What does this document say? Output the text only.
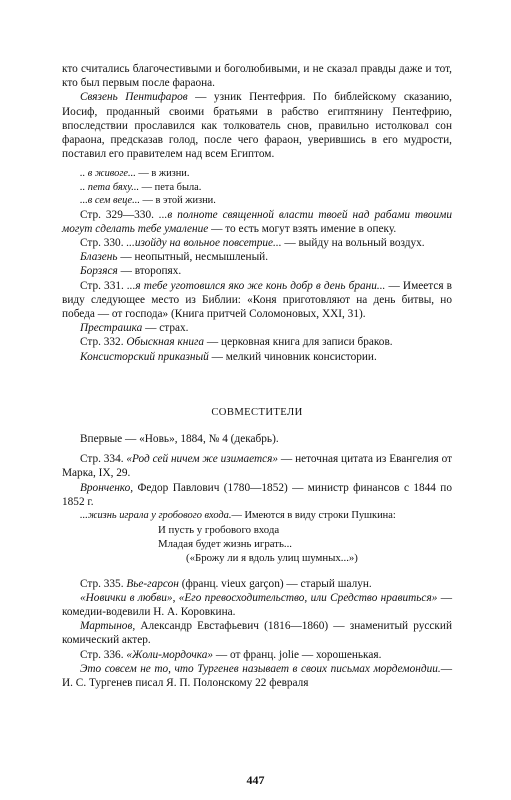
кто считались благочестивыми и боголюбивыми, и не сказал правды даже и тот, кто был первым после фараона.

Связень Пентифаров — узник Пентефрия. По библейскому сказанию, Иосиф, проданный своими братьями в рабство египтянину Пентефрию, впоследствии прославился как толкователь снов, правильно истолковал сон фараона, предсказав голод, после чего фараон, уверившись в его мудрости, поставил его правителем над всем Египтом.

.. в живоге... — в жизни.

.. пета бяху... — пета была.

...в сем веце... — в этой жизни.

Стр. 329—330. ...в полноте священной власти твоей над рабами твоими могут сделать тебе умаление — то есть могут взять имение в опеку.

Стр. 330. ...изойду на вольное повсетрие... — выйду на вольный воздух.

Блазень — неопытный, несмышленый.

Борзяся — второпях.

Стр. 331. ...я тебе уготовился яко же конь добр в день брани... — Имеется в виду следующее место из Библии: «Коня приготовляют на день битвы, но победа — от господа» (Книга притчей Соломоновых, XXI, 31).

Престрашка — страх.

Стр. 332. Обыскная книга — церковная книга для записи браков.

Консисторский приказный — мелкий чиновник консистории.

СОВМЕСТИТЕЛИ

Впервые — «Новь», 1884, № 4 (декабрь).

Стр. 334. «Род сей ничем же изимается» — неточная цитата из Евангелия от Марка, IX, 29.

Вронченко, Федор Павлович (1780—1852) — министр финансов с 1844 по 1852 г.

...жизнь играла у гробового входа.— Имеются в виду строки Пушкина:

И пусть у гробового входа
Младая будет жизнь играть...
(«Брожу ли я вдоль улиц шумных...»)

Стр. 335. Вье-гарсон (франц. vieux garçon) — старый шалун.

«Новички в любви», «Его превосходительство, или Средство нравиться» — комедии-водевили Н. А. Коровкина.

Мартынов, Александр Евстафьевич (1816—1860) — знаменитый русский комический актер.

Стр. 336. «Жоли-мордочка» — от франц. jolie — хорошенькая.

Это совсем не то, что Тургенев называет в своих письмах мордемондии.— И. С. Тургенев писал Я. П. Полонскому 22 февраля

447
